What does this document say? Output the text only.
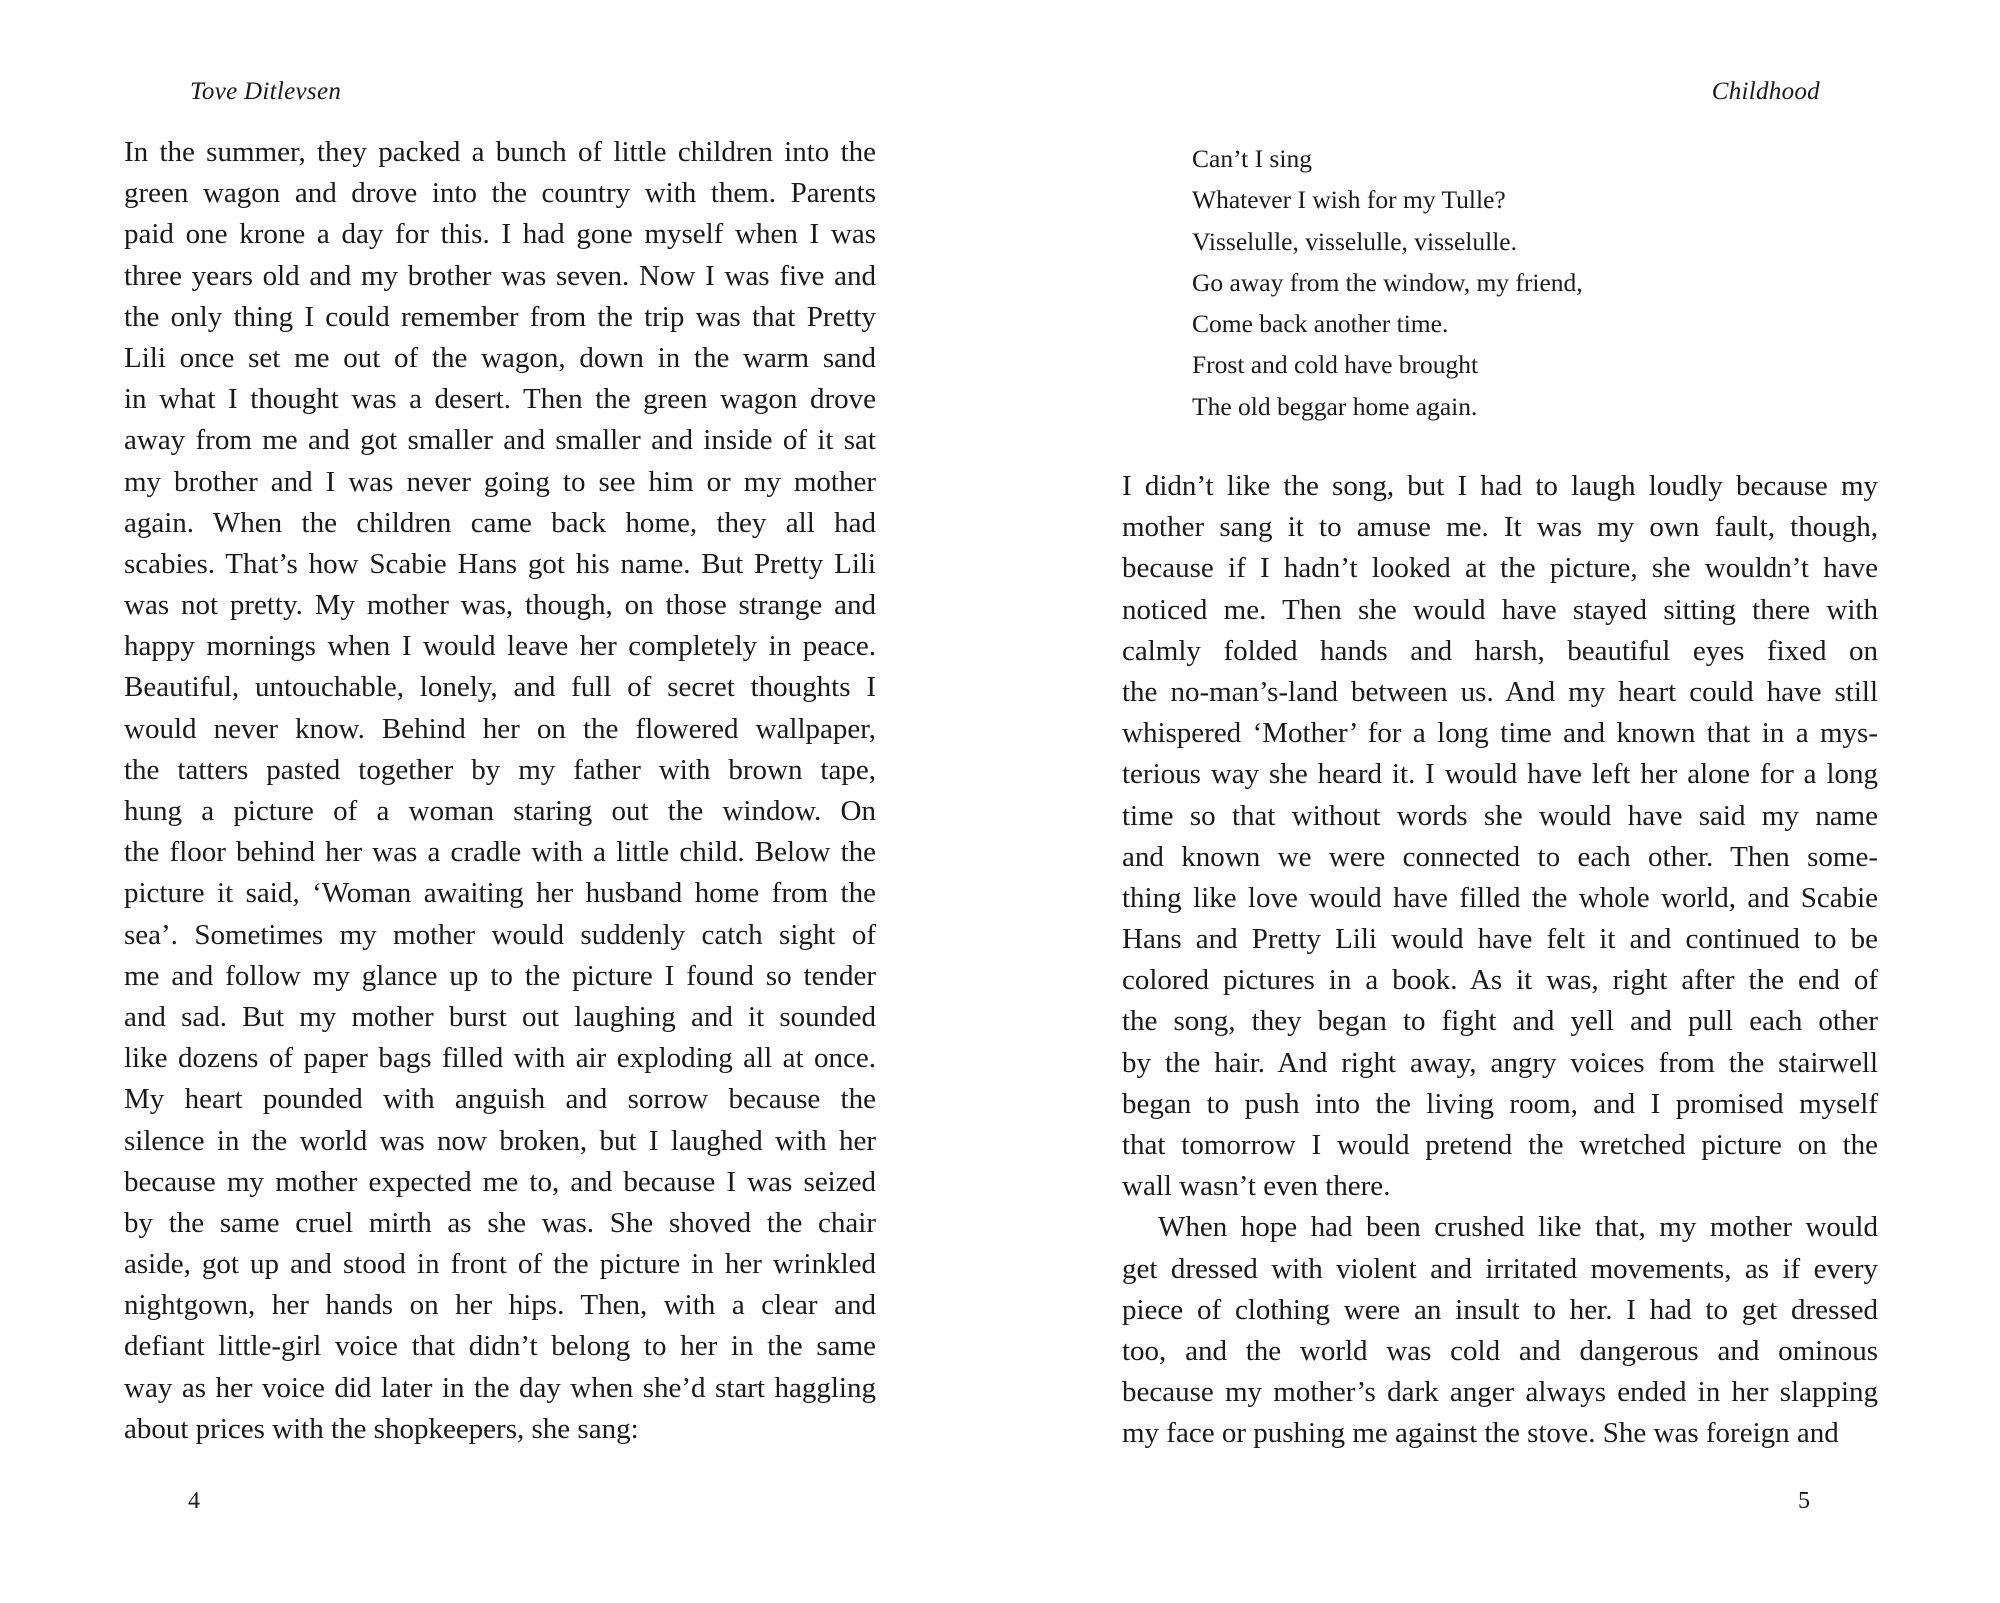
Tove Ditlevsen
In the summer, they packed a bunch of little children into the
green wagon and drove into the country with them. Parents
paid one krone a day for this. I had gone myself when I was
three years old and my brother was seven. Now I was five and
the only thing I could remember from the trip was that Pretty
Lili once set me out of the wagon, down in the warm sand
in what I thought was a desert. Then the green wagon drove
away from me and got smaller and smaller and inside of it sat
my brother and I was never going to see him or my mother
again. When the children came back home, they all had
scabies. That’s how Scabie Hans got his name. But Pretty Lili
was not pretty. My mother was, though, on those strange and
happy mornings when I would leave her completely in peace.
Beautiful, untouchable, lonely, and full of secret thoughts I
would never know. Behind her on the flowered wallpaper,
the tatters pasted together by my father with brown tape,
hung a picture of a woman staring out the window. On
the floor behind her was a cradle with a little child. Below the
picture it said, ‘Woman awaiting her husband home from the
sea’. Sometimes my mother would suddenly catch sight of
me and follow my glance up to the picture I found so tender
and sad. But my mother burst out laughing and it sounded
like dozens of paper bags filled with air exploding all at once.
My heart pounded with anguish and sorrow because the
silence in the world was now broken, but I laughed with her
because my mother expected me to, and because I was seized
by the same cruel mirth as she was. She shoved the chair
aside, got up and stood in front of the picture in her wrinkled
nightgown, her hands on her hips. Then, with a clear and
defiant little-girl voice that didn’t belong to her in the same
way as her voice did later in the day when she’d start haggling
about prices with the shopkeepers, she sang:
4
Childhood
Can’t I sing
Whatever I wish for my Tulle?
Visselulle, visselulle, visselulle.
Go away from the window, my friend,
Come back another time.
Frost and cold have brought
The old beggar home again.
I didn’t like the song, but I had to laugh loudly because my
mother sang it to amuse me. It was my own fault, though,
because if I hadn’t looked at the picture, she wouldn’t have
noticed me. Then she would have stayed sitting there with
calmly folded hands and harsh, beautiful eyes fixed on
the no-man’s-land between us. And my heart could have still
whispered ‘Mother’ for a long time and known that in a mys-
terious way she heard it. I would have left her alone for a long
time so that without words she would have said my name
and known we were connected to each other. Then some-
thing like love would have filled the whole world, and Scabie
Hans and Pretty Lili would have felt it and continued to be
colored pictures in a book. As it was, right after the end of
the song, they began to fight and yell and pull each other
by the hair. And right away, angry voices from the stairwell
began to push into the living room, and I promised myself
that tomorrow I would pretend the wretched picture on the
wall wasn’t even there.
When hope had been crushed like that, my mother would
get dressed with violent and irritated movements, as if every
piece of clothing were an insult to her. I had to get dressed
too, and the world was cold and dangerous and ominous
because my mother’s dark anger always ended in her slapping
my face or pushing me against the stove. She was foreign and
5
